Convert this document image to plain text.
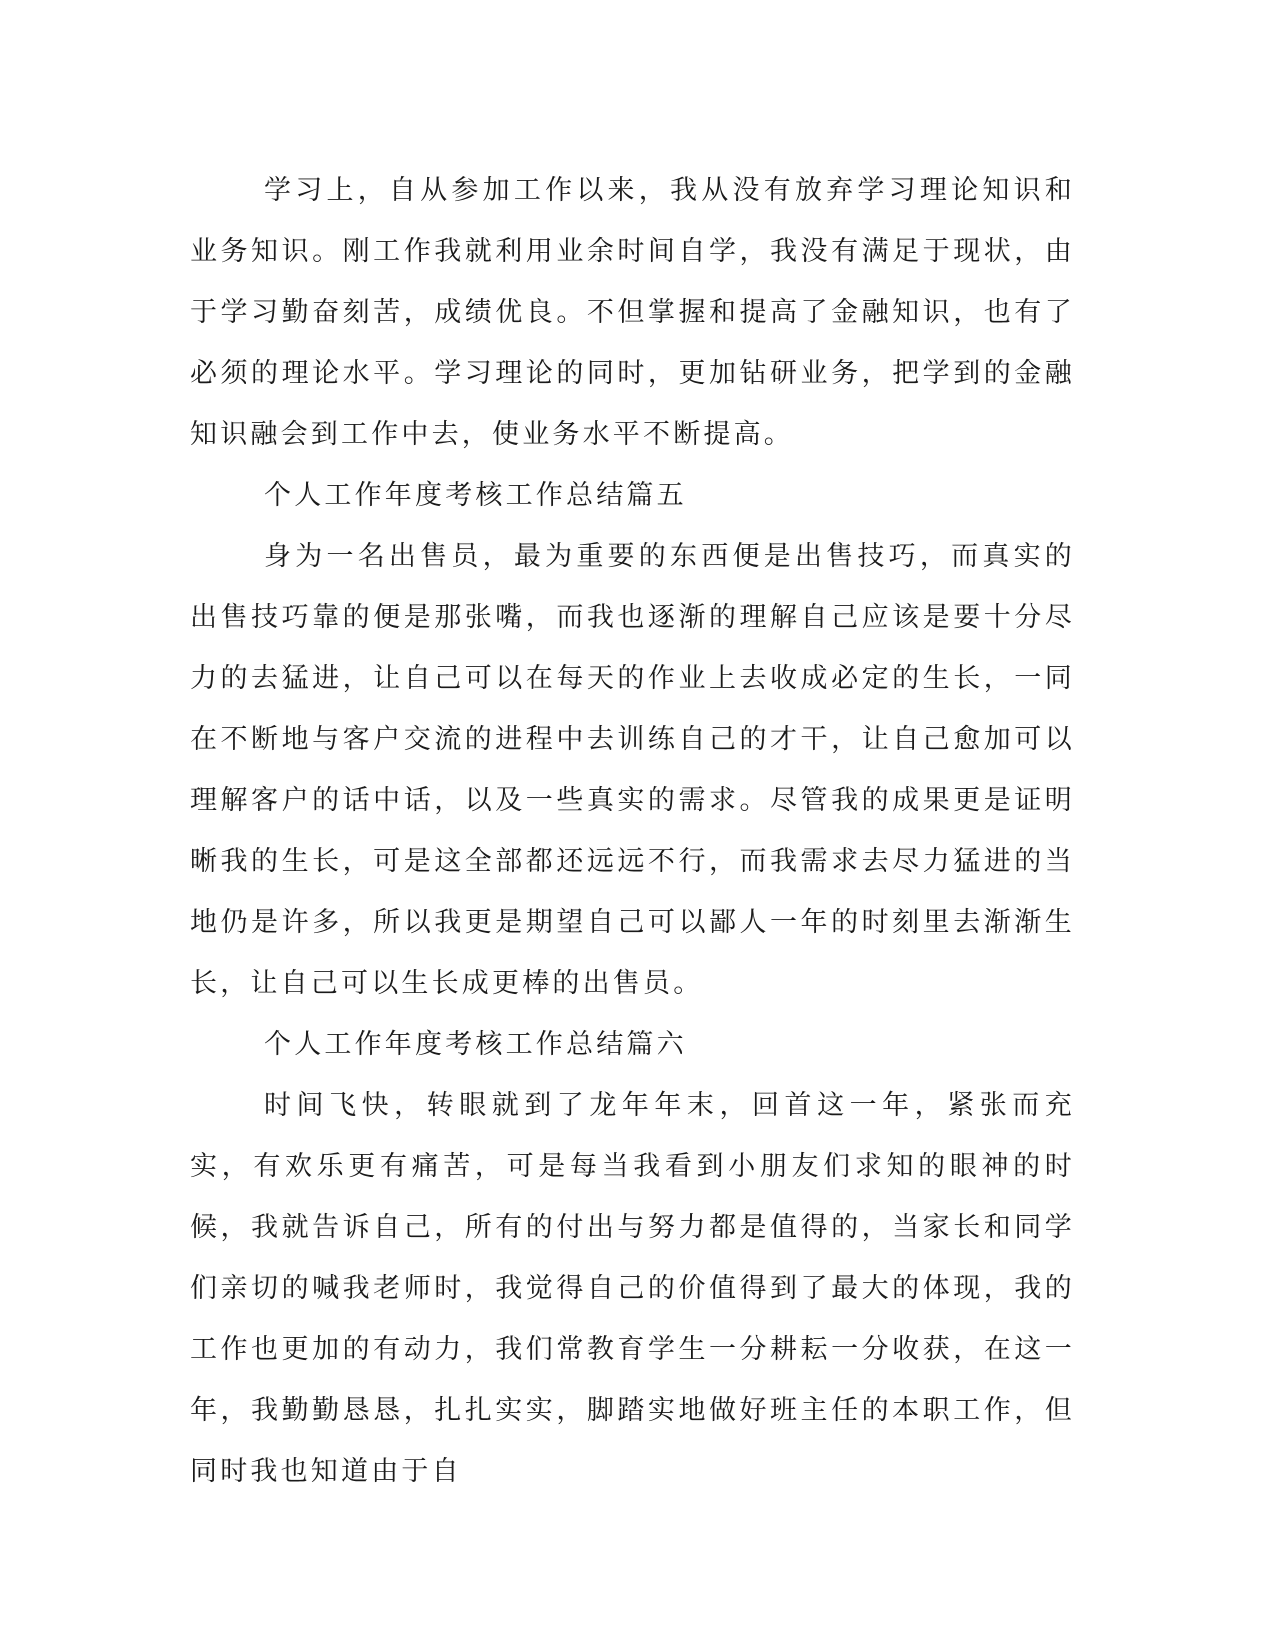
学习上，自从参加工作以来，我从没有放弃学习理论知识和业务知识。刚工作我就利用业余时间自学，我没有满足于现状，由于学习勤奋刻苦，成绩优良。不但掌握和提高了金融知识，也有了必须的理论水平。学习理论的同时，更加钻研业务，把学到的金融知识融会到工作中去，使业务水平不断提高。

个人工作年度考核工作总结篇五

身为一名出售员，最为重要的东西便是出售技巧，而真实的出售技巧靠的便是那张嘴，而我也逐渐的理解自己应该是要十分尽力的去猛进，让自己可以在每天的作业上去收成必定的生长，一同在不断地与客户交流的进程中去训练自己的才干，让自己愈加可以理解客户的话中话，以及一些真实的需求。尽管我的成果更是证明晰我的生长，可是这全部都还远远不行，而我需求去尽力猛进的当地仍是许多，所以我更是期望自己可以鄙人一年的时刻里去渐渐生长，让自己可以生长成更棒的出售员。

个人工作年度考核工作总结篇六

时间飞快，转眼就到了龙年年末，回首这一年，紧张而充实，有欢乐更有痛苦，可是每当我看到小朋友们求知的眼神的时候，我就告诉自己，所有的付出与努力都是值得的，当家长和同学们亲切的喊我老师时，我觉得自己的价值得到了最大的体现，我的工作也更加的有动力，我们常教育学生一分耕耘一分收获，在这一年，我勤勤恳恳，扎扎实实，脚踏实地做好班主任的本职工作，但同时我也知道由于自
